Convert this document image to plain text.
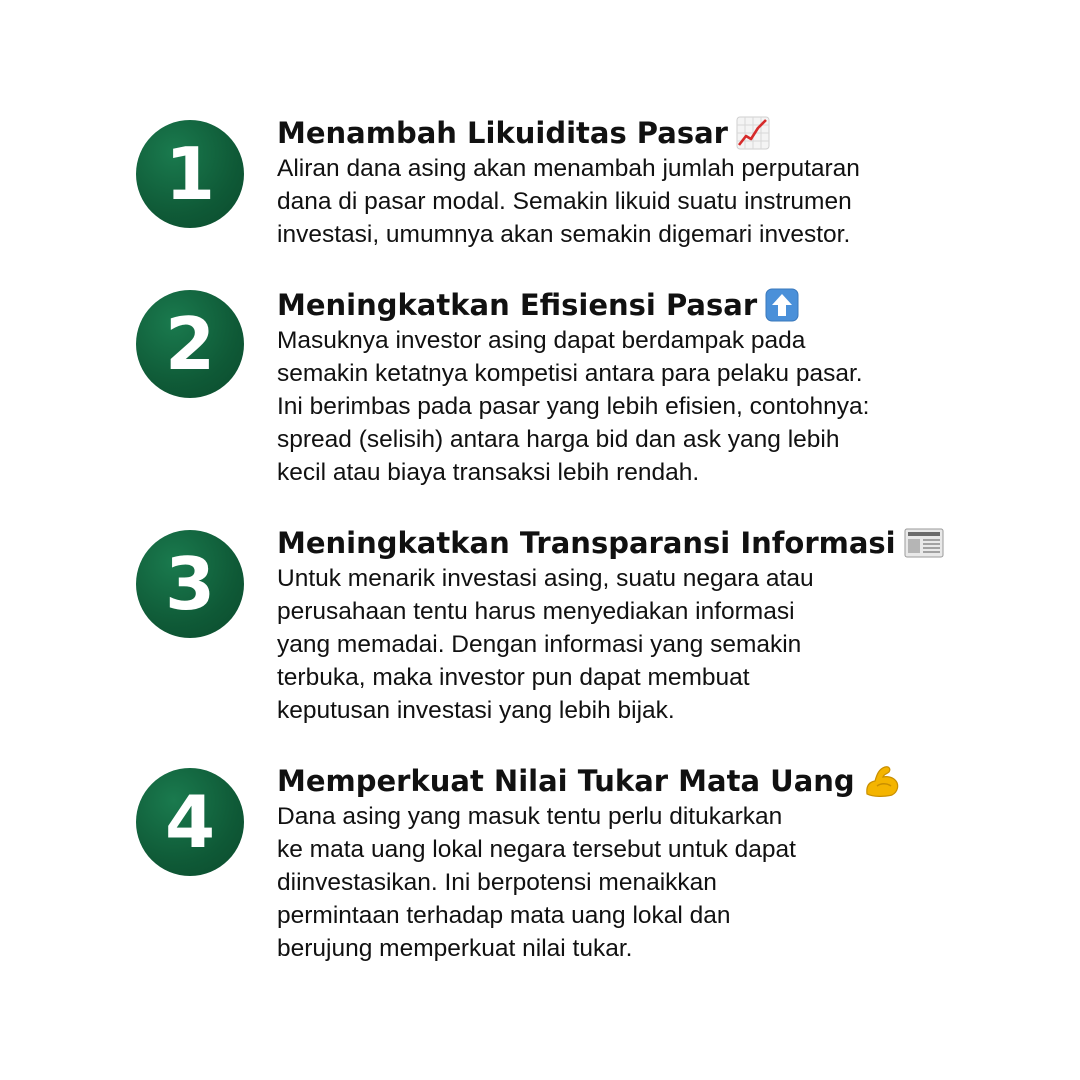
1 Menambah Likuiditas Pasar

Aliran dana asing akan menambah jumlah perputaran
dana di pasar modal. Semakin likuid suatu instrumen
investasi, umumnya akan semakin digemari investor.

2 Meningkatkan Efisiensi Pasar

Masuknya investor asing dapat berdampak pada
semakin ketatnya kompetisi antara para pelaku pasar.
Ini berimbas pada pasar yang lebih efisien, contohnya:
spread (selisih) antara harga bid dan ask yang lebih
kecil atau biaya transaksi lebih rendah.

3 Meningkatkan Transparansi Informasi

Untuk menarik investasi asing, suatu negara atau
perusahaan tentu harus menyediakan informasi
yang memadai. Dengan informasi yang semakin
terbuka, maka investor pun dapat membuat
keputusan investasi yang lebih bijak.

4 Memperkuat Nilai Tukar Mata Uang

Dana asing yang masuk tentu perlu ditukarkan
ke mata uang lokal negara tersebut untuk dapat
diinvestasikan. Ini berpotensi menaikkan
permintaan terhadap mata uang lokal dan
berujung memperkuat nilai tukar.
